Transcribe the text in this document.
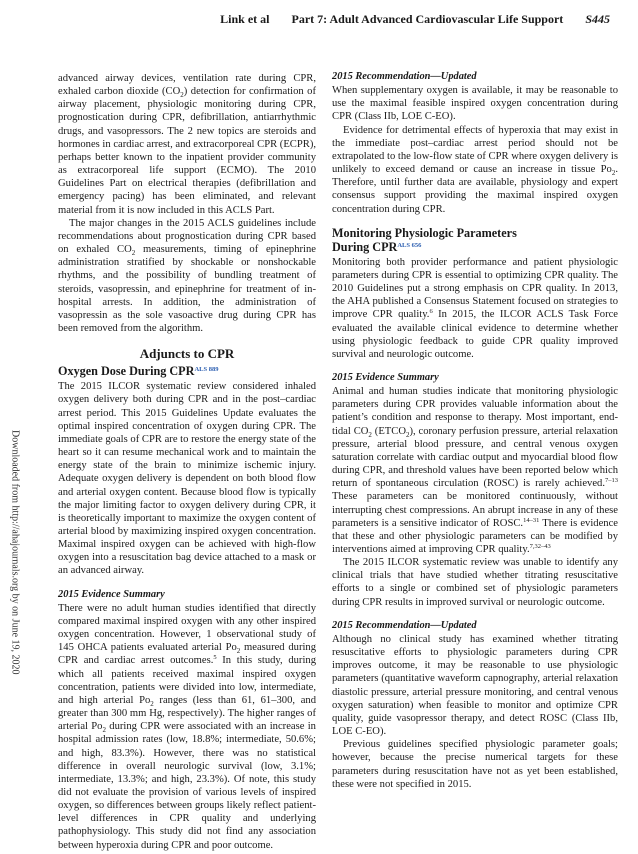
Link et al Part 7: Adult Advanced Cardiovascular Life Support S445
Downloaded from http://ahajournals.org by on June 19, 2020

advanced airway devices, ventilation rate during CPR, exhaled carbon dioxide $(CO_2)$ detection for confirmation of airway placement, physiologic monitoring during CPR, prognostication during CPR, defibrillation, antiarrhythmic drugs, and vasopressors. The 2 new topics are steroids and hormones in cardiac arrest, and extracorporeal CPR (ECPR), perhaps better known to the inpatient provider community as extracorporeal life support (ECMO). The 2010 Guidelines Part on electrical therapies (defibrillation and emergency pacing) has been eliminated, and relevant material from it is now included in this ACLS Part.

The major changes in the 2015 ACLS guidelines include recommendations about prognostication during CPR based on exhaled $CO_2$ measurements, timing of epinephrine administration stratified by shockable or nonshockable rhythms, and the possibility of bundling treatment of steroids, vasopressin, and epinephrine for treatment of in-hospital arrests. In addition, the administration of vasopressin as the sole vasoactive drug during CPR has been removed from the algorithm.

Adjuncts to CPR
Oxygen Dose During $CPR^{ALS 889}$

The 2015 ILCOR systematic review considered inhaled oxygen delivery both during CPR and in the post–cardiac arrest period. This 2015 Guidelines Update evaluates the optimal inspired concentration of oxygen during CPR. The immediate goals of CPR are to restore the energy state of the heart so it can resume mechanical work and to maintain the energy state of the brain to minimize ischemic injury. Adequate oxygen delivery is dependent on both blood flow and arterial oxygen content. Because blood flow is typically the major limiting factor to oxygen delivery during CPR, it is theoretically important to maximize the oxygen content of arterial blood by maximizing inspired oxygen concentration. Maximal inspired oxygen can be achieved with high-flow oxygen into a resuscitation bag device attached to a mask or an advanced airway.

2015 Evidence Summary

There were no adult human studies identified that directly compared maximal inspired oxygen with any other inspired oxygen concentration. However, 1 observational study of 145 OHCA patients evaluated arterial $Po_2$ measured during CPR and cardiac arrest outcomes.$^5$ In this study, during which all patients received maximal inspired oxygen concentration, patients were divided into low, intermediate, and high arterial $Po_2$ ranges (less than 61, 61–300, and greater than 300 mm Hg, respectively). The higher ranges of arterial $Po_2$ during CPR were associated with an increase in hospital admission rates (low, 18.8%; intermediate, 50.6%; and high, 83.3%). However, there was no statistical difference in overall neurologic survival (low, 3.1%; intermediate, 13.3%; and high, 23.3%). Of note, this study did not evaluate the provision of various levels of inspired oxygen, so differences between groups likely reflect patient-level differences in CPR quality and underlying pathophysiology. This study did not find any association between hyperoxia during CPR and poor outcome.

2015 Recommendation—Updated

When supplementary oxygen is available, it may be reasonable to use the maximal feasible inspired oxygen concentration during CPR (Class IIb, LOE C-EO).

Evidence for detrimental effects of hyperoxia that may exist in the immediate post–cardiac arrest period should not be extrapolated to the low-flow state of CPR where oxygen delivery is unlikely to exceed demand or cause an increase in tissue $Po_2$. Therefore, until further data are available, physiology and expert consensus support providing the maximal inspired oxygen concentration during CPR.

Monitoring Physiologic Parameters
During $CPR^{ALS 656}$

Monitoring both provider performance and patient physiologic parameters during CPR is essential to optimizing CPR quality. The 2010 Guidelines put a strong emphasis on CPR quality. In 2013, the AHA published a Consensus Statement focused on strategies to improve CPR quality.$^6$ In 2015, the ILCOR ACLS Task Force evaluated the available clinical evidence to determine whether using physiologic feedback to guide CPR quality improved survival and neurologic outcome.

2015 Evidence Summary

Animal and human studies indicate that monitoring physiologic parameters during CPR provides valuable information about the patient’s condition and response to therapy. Most important, end-tidal $CO_2$ $(ETCO_2)$, coronary perfusion pressure, arterial relaxation pressure, arterial blood pressure, and central venous oxygen saturation correlate with cardiac output and myocardial blood flow during CPR, and threshold values have been reported below which return of spontaneous circulation (ROSC) is rarely achieved.$^{7-13}$ These parameters can be monitored continuously, without interrupting chest compressions. An abrupt increase in any of these parameters is a sensitive indicator of ROSC.$^{14-31}$ There is evidence that these and other physiologic parameters can be modified by interventions aimed at improving CPR quality.$^{7,32-43}$

The 2015 ILCOR systematic review was unable to identify any clinical trials that have studied whether titrating resuscitative efforts to a single or combined set of physiologic parameters during CPR results in improved survival or neurologic outcome.

2015 Recommendation—Updated

Although no clinical study has examined whether titrating resuscitative efforts to physiologic parameters during CPR improves outcome, it may be reasonable to use physiologic parameters (quantitative waveform capnography, arterial relaxation diastolic pressure, arterial pressure monitoring, and central venous oxygen saturation) when feasible to monitor and optimize CPR quality, guide vasopressor therapy, and detect ROSC (Class IIb, LOE C-EO).

Previous guidelines specified physiologic parameter goals; however, because the precise numerical targets for these parameters during resuscitation have not as yet been established, these were not specified in 2015.
